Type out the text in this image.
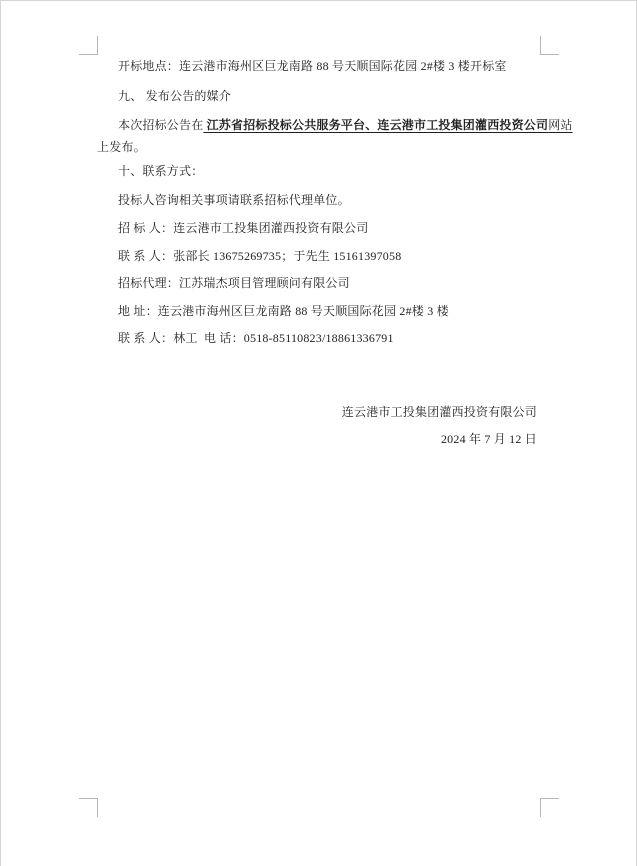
开标地点：连云港市海州区巨龙南路 88 号天顺国际花园 2#楼 3 楼开标室

九、 发布公告的媒介

本次招标公告在 江苏省招标投标公共服务平台、连云港市工投集团灌西投资公司网站

上发布。

十、联系方式：

投标人咨询相关事项请联系招标代理单位。

招 标 人：连云港市工投集团灌西投资有限公司

联 系 人：张部长 13675269735；于先生 15161397058

招标代理：江苏瑞杰项目管理顾问有限公司

地 址：连云港市海州区巨龙南路 88 号天顺国际花园 2#楼 3 楼

联 系 人：林工  电 话：0518-85110823/18861336791

连云港市工投集团灌西投资有限公司

2024 年 7 月 12 日
